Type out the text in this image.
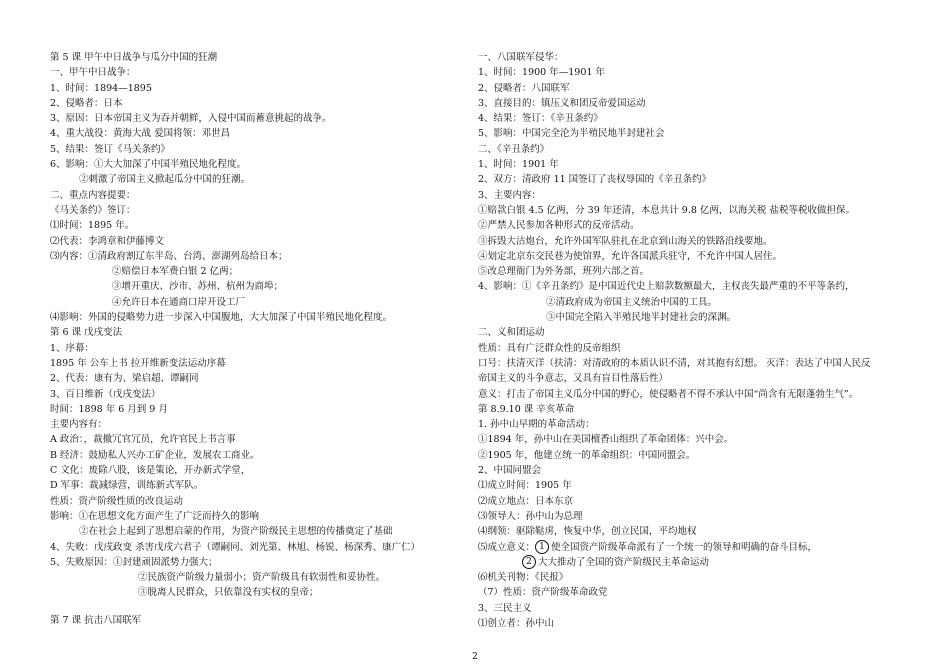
第 5 课 甲午中日战争与瓜分中国的狂潮
一、甲午中日战争：
1、时间：1894—1895
2、侵略者：日本
3、原因：日本帝国主义为吞并朝鲜，入侵中国而蓄意挑起的战争。
4、重大战役：黄海大战 爱国将领：邓世昌
5、结果：签订《马关条约》
6、影响：①大大加深了中国半殖民地化程度。
②刺激了帝国主义掀起瓜分中国的狂潮。
二、重点内容提要：
《马关条约》签订：
⑴时间：1895 年。
⑵代表：李鸿章和伊藤博文
⑶内容：①清政府割辽东半岛、台湾、澎湖列岛给日本；
②赔偿日本军费白银 2 亿两；
③增开重庆、沙市、苏州、杭州为商埠；
④允许日本在通商口岸开设工厂
⑷影响：外国的侵略势力进一步深入中国腹地，大大加深了中国半殖民地化程度。
第 6 课 戊戌变法
1、序幕：
1895 年 公车上书 拉开维新变法运动序幕
2、代表：康有为、梁启超、谭嗣同
3、百日维新（戊戌变法）
时间：1898 年 6 月到 9 月
主要内容有：
A 政治：，裁撤冗官冗员，允许官民上书言事
B 经济：鼓励私人兴办工矿企业，发展农工商业。
C 文化：废除八股，该是策论，开办新式学堂，
D 军事：裁减绿营，训练新式军队。
性质：资产阶级性质的改良运动
影响：①在思想文化方面产生了广泛而持久的影响
②在社会上起到了思想启蒙的作用，为资产阶级民主思想的传播奠定了基础
4、失败：戊戌政变 杀害戊戌六君子（谭嗣同、刘光第、林旭、杨锐、杨深秀、康广仁）
5、失败原因：①封建顽固派势力强大；
②民族资产阶级力量弱小；资产阶级具有软弱性和妥协性。
③脱离人民群众，只依靠没有实权的皇帝；
第 7 课 抗击八国联军
一、八国联军侵华：
1、时间：1900 年—1901 年
2、侵略者：八国联军
3、直接目的：镇压义和团反帝爱国运动
4、结果：签订：《辛丑条约》
5、影响：中国完全沦为半殖民地半封建社会
二、《辛丑条约》
1、时间：1901 年
2、双方：清政府 11 国签订了丧权辱国的《辛丑条约》
3、主要内容：
①赔款白银 4.5 亿两，分 39 年还清，本息共计 9.8 亿两，以海关税 盐税等税收做担保。
②严禁人民参加各种形式的反帝活动。
③拆毁大沽炮台，允许外国军队驻扎在北京到山海关的铁路沿线要地。
④划定北京东交民巷为使馆界，允许各国派兵驻守，不允许中国人居住。
⑤改总理衙门为外务部，班列六部之首。
4、影响：①《辛丑条约》是中国近代史上赔款数额最大，主权丧失最严重的不平等条约，
②清政府成为帝国主义统治中国的工具。
③中国完全陷入半殖民地半封建社会的深渊。
二、义和团运动
性质：具有广泛群众性的反帝组织
口号：扶清灭洋（扶清：对清政府的本质认识不清，对其抱有幻想。 灭洋：表达了中国人民反
帝国主义的斗争意志，又具有盲目性落后性）
意义：打击了帝国主义瓜分中国的野心，使侵略者不得不承认中国“尚含有无限蓬勃生气”。
第 8.9.10 课 辛亥革命
1. 孙中山早期的革命活动：
①1894 年，孙中山在美国檀香山组织了革命团体：兴中会。
②1905 年，他建立统一的革命组织：中国同盟会。
2、中国同盟会
⑴成立时间：1905 年
⑵成立地点：日本东京
⑶领导人：孙中山为总理
⑷纲领：驱除鞑虏，恢复中华，创立民国，平均地权
⑸成立意义： 1 使全国资产阶级革命派有了一个统一的领导和明确的奋斗目标，
2 大大推动了全国的资产阶级民主革命运动
⑹机关刊物：《民报》
（7）性质：资产阶级革命政党
3、三民主义
⑴创立者：孙中山
2
